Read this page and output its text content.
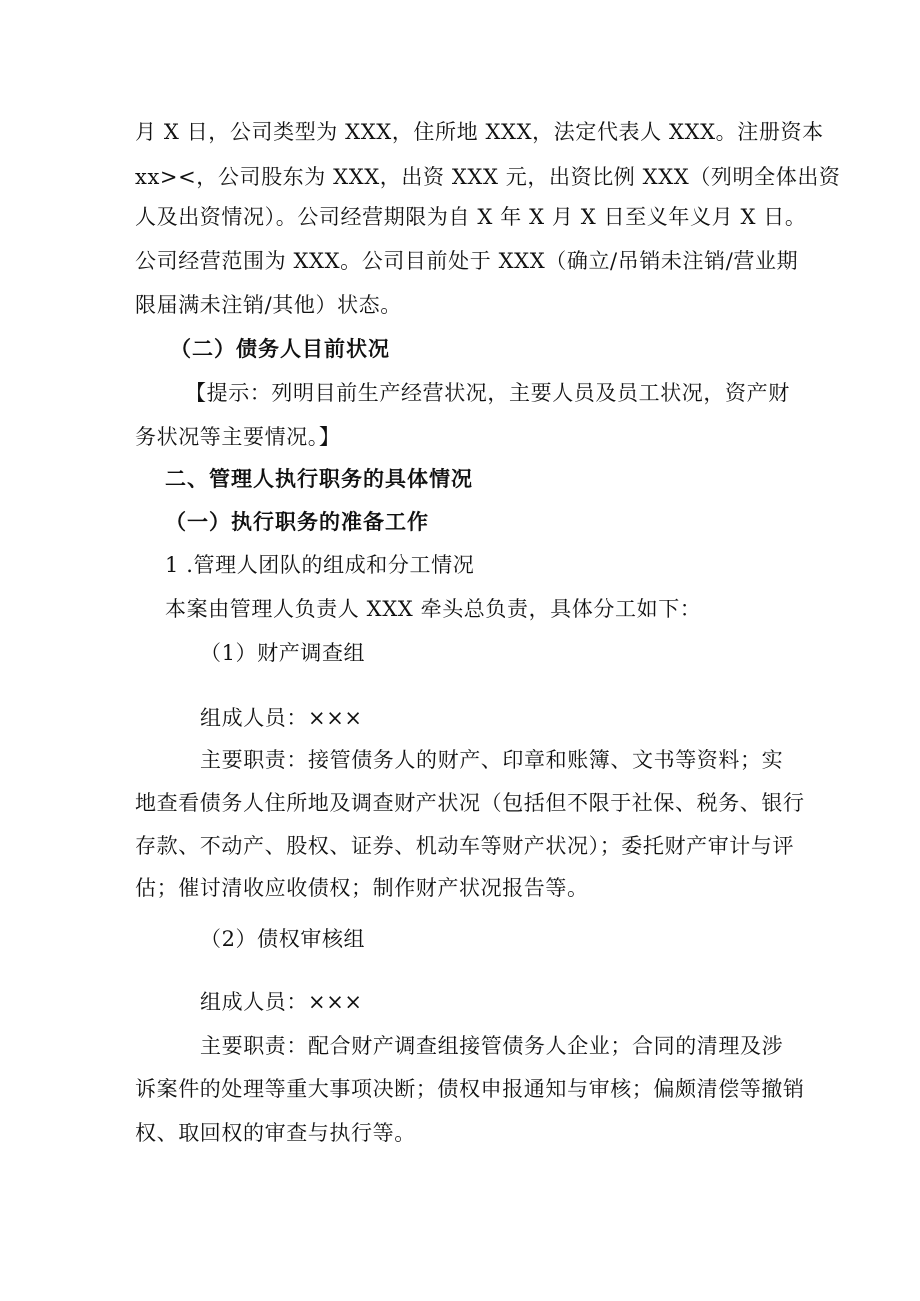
月 X 日，公司类型为 XXX，住所地 XXX，法定代表人 XXX。注册资本
xx><，公司股东为 XXX，出资 XXX 元，出资比例 XXX（列明全体出资
人及出资情况）。公司经营期限为自 X 年 X 月 X 日至义年义月 X 日。
公司经营范围为 XXX。公司目前处于 XXX（确立/吊销未注销/营业期
限届满未注销/其他）状态。
（二）债务人目前状况
【提示：列明目前生产经营状况，主要人员及员工状况，资产财
务状况等主要情况。】
二、管理人执行职务的具体情况
（一）执行职务的准备工作
1 .管理人团队的组成和分工情况
本案由管理人负责人 XXX 牵头总负责，具体分工如下：
（1）财产调查组
组成人员：×××
主要职责：接管债务人的财产、印章和账簿、文书等资料；实
地查看债务人住所地及调查财产状况（包括但不限于社保、税务、银行
存款、不动产、股权、证券、机动车等财产状况）；委托财产审计与评
估；催讨清收应收债权；制作财产状况报告等。
（2）债权审核组
组成人员：×××
主要职责：配合财产调查组接管债务人企业；合同的清理及涉
诉案件的处理等重大事项决断；债权申报通知与审核；偏颇清偿等撤销
权、取回权的审查与执行等。
